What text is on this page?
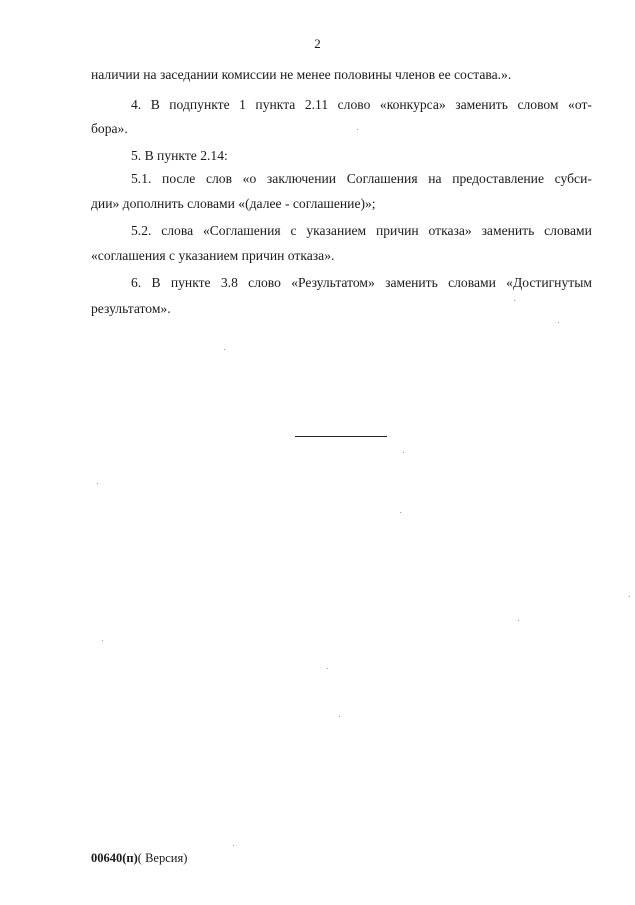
2
наличии на заседании комиссии не менее половины членов ее состава.».
4. В подпункте 1 пункта 2.11 слово «конкурса» заменить словом «от-
бора».
5. В пункте 2.14:
5.1. после слов «о заключении Соглашения на предоставление субси-
дии» дополнить словами «(далее - соглашение)»;
5.2. слова «Соглашения с указанием причин отказа» заменить словами
«соглашения с указанием причин отказа».
6. В пункте 3.8 слово «Результатом» заменить словами «Достигнутым
результатом».
00640(п)( Версия)
